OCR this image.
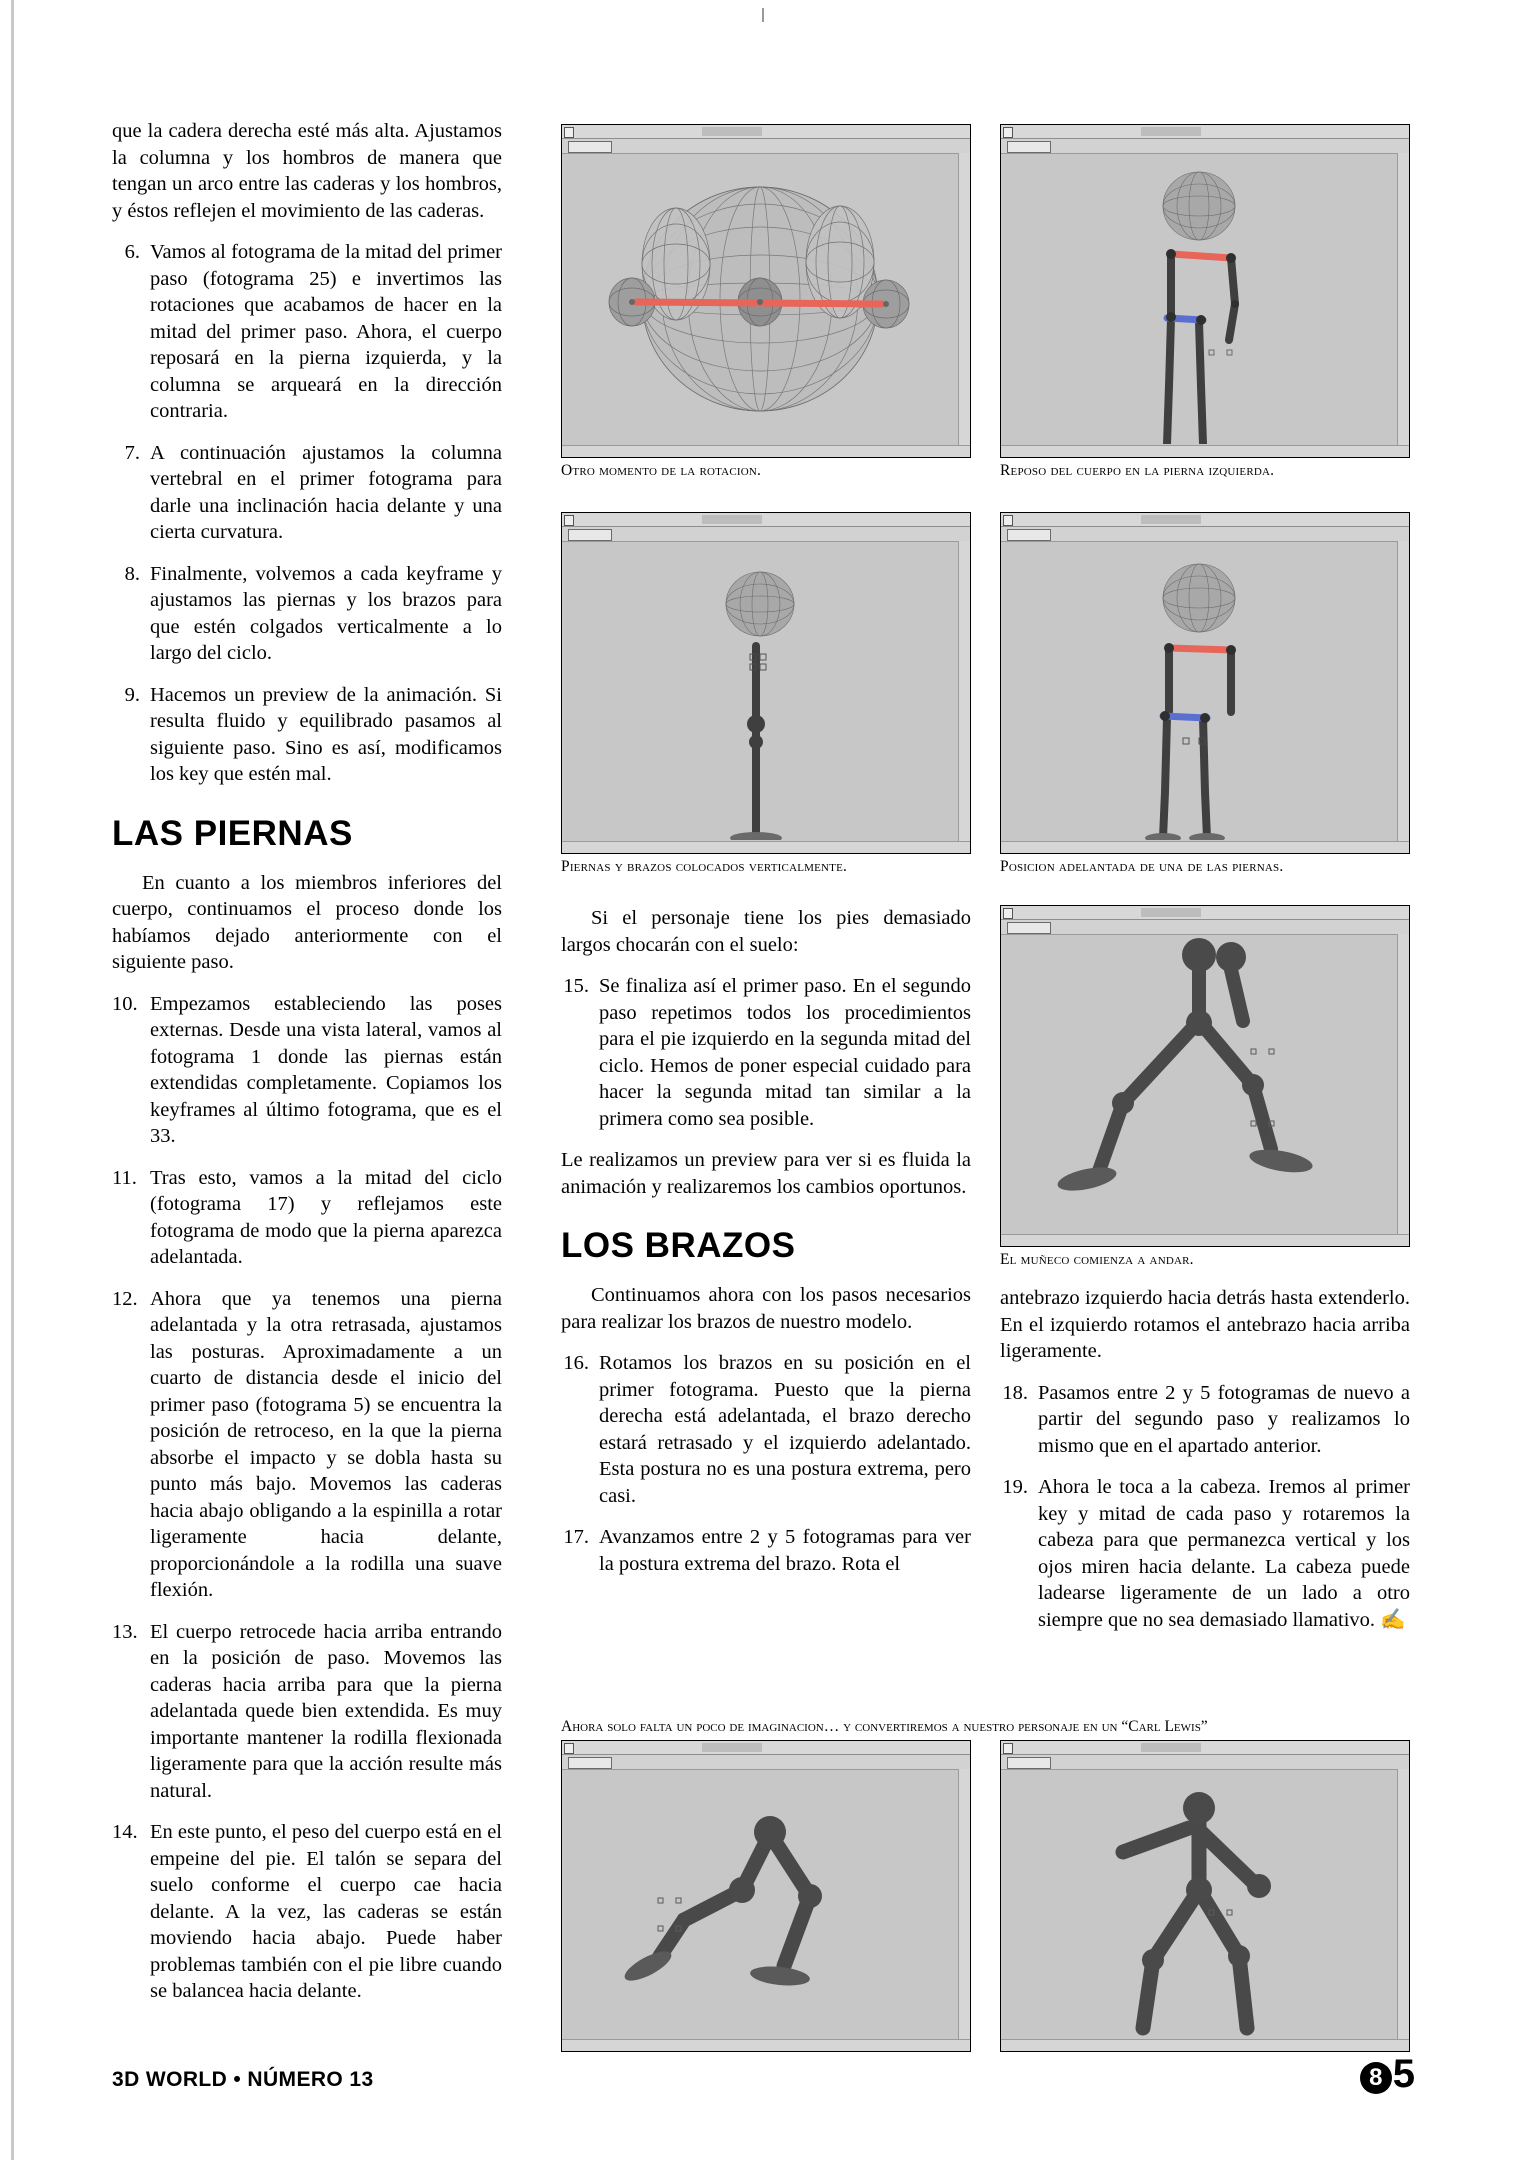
que la cadera derecha esté más alta. Ajustamos la columna y los hombros de manera que tengan un arco entre las caderas y los hombros, y éstos reflejen el movimiento de las caderas.

6. Vamos al fotograma de la mitad del primer paso (fotograma 25) e invertimos las rotaciones que acabamos de hacer en la mitad del primer paso. Ahora, el cuerpo reposará en la pierna izquierda, y la columna se arqueará en la dirección contraria.

7. A continuación ajustamos la columna vertebral en el primer fotograma para darle una inclinación hacia delante y una cierta curvatura.

8. Finalmente, volvemos a cada keyframe y ajustamos las piernas y los brazos para que estén colgados verticalmente a lo largo del ciclo.

9. Hacemos un preview de la animación. Si resulta fluido y equilibrado pasamos al siguiente paso. Sino es así, modificamos los key que estén mal.

LAS PIERNAS

En cuanto a los miembros inferiores del cuerpo, continuamos el proceso donde los habíamos dejado anteriormente con el siguiente paso.

10. Empezamos estableciendo las poses externas. Desde una vista lateral, vamos al fotograma 1 donde las piernas están extendidas completamente. Copiamos los keyframes al último fotograma, que es el 33.

11. Tras esto, vamos a la mitad del ciclo (fotograma 17) y reflejamos este fotograma de modo que la pierna aparezca adelantada.

12. Ahora que ya tenemos una pierna adelantada y la otra retrasada, ajustamos las posturas. Aproximadamente a un cuarto de distancia desde el inicio del primer paso (fotograma 5) se encuentra la posición de retroceso, en la que la pierna absorbe el impacto y se dobla hasta su punto más bajo. Movemos las caderas hacia abajo obligando a la espinilla a rotar ligeramente hacia delante, proporcionándole a la rodilla una suave flexión.

13. El cuerpo retrocede hacia arriba entrando en la posición de paso. Movemos las caderas hacia arriba para que la pierna adelantada quede bien extendida. Es muy importante mantener la rodilla flexionada ligeramente para que la acción resulte más natural.

14. En este punto, el peso del cuerpo está en el empeine del pie. El talón se separa del suelo conforme el cuerpo cae hacia delante. A la vez, las caderas se están moviendo hacia abajo. Puede haber problemas también con el pie libre cuando se balancea hacia delante.

Otro momento de la rotacion.	Reposo del cuerpo en la pierna izquierda.
Piernas y brazos colocados verticalmente.	Posicion adelantada de una de las piernas.

Si el personaje tiene los pies demasiado largos chocarán con el suelo:

15. Se finaliza así el primer paso. En el segundo paso repetimos todos los procedimientos para el pie izquierdo en la segunda mitad del ciclo. Hemos de poner especial cuidado para hacer la segunda mitad tan similar a la primera como sea posible.

Le realizamos un preview para ver si es fluida la animación y realizaremos los cambios oportunos.

LOS BRAZOS

Continuamos ahora con los pasos necesarios para realizar los brazos de nuestro modelo.

16. Rotamos los brazos en su posición en el primer fotograma. Puesto que la pierna derecha está adelantada, el brazo derecho estará retrasado y el izquierdo adelantado. Esta postura no es una postura extrema, pero casi.

17. Avanzamos entre 2 y 5 fotogramas para ver la postura extrema del brazo. Rota el

El muñeco comienza a andar.

antebrazo izquierdo hacia detrás hasta extenderlo. En el izquierdo rotamos el antebrazo hacia arriba ligeramente.

18. Pasamos entre 2 y 5 fotogramas de nuevo a partir del segundo paso y realizamos lo mismo que en el apartado anterior.

19. Ahora le toca a la cabeza. Iremos al primer key y mitad de cada paso y rotaremos la cabeza para que permanezca vertical y los ojos miren hacia delante. La cabeza puede ladearse ligeramente de un lado a otro siempre que no sea demasiado llamativo. ✍

Ahora solo falta un poco de imaginacion… y convertiremos a nuestro personaje en un “Carl Lewis”
3D WORLD • NÚMERO 13	8 5
